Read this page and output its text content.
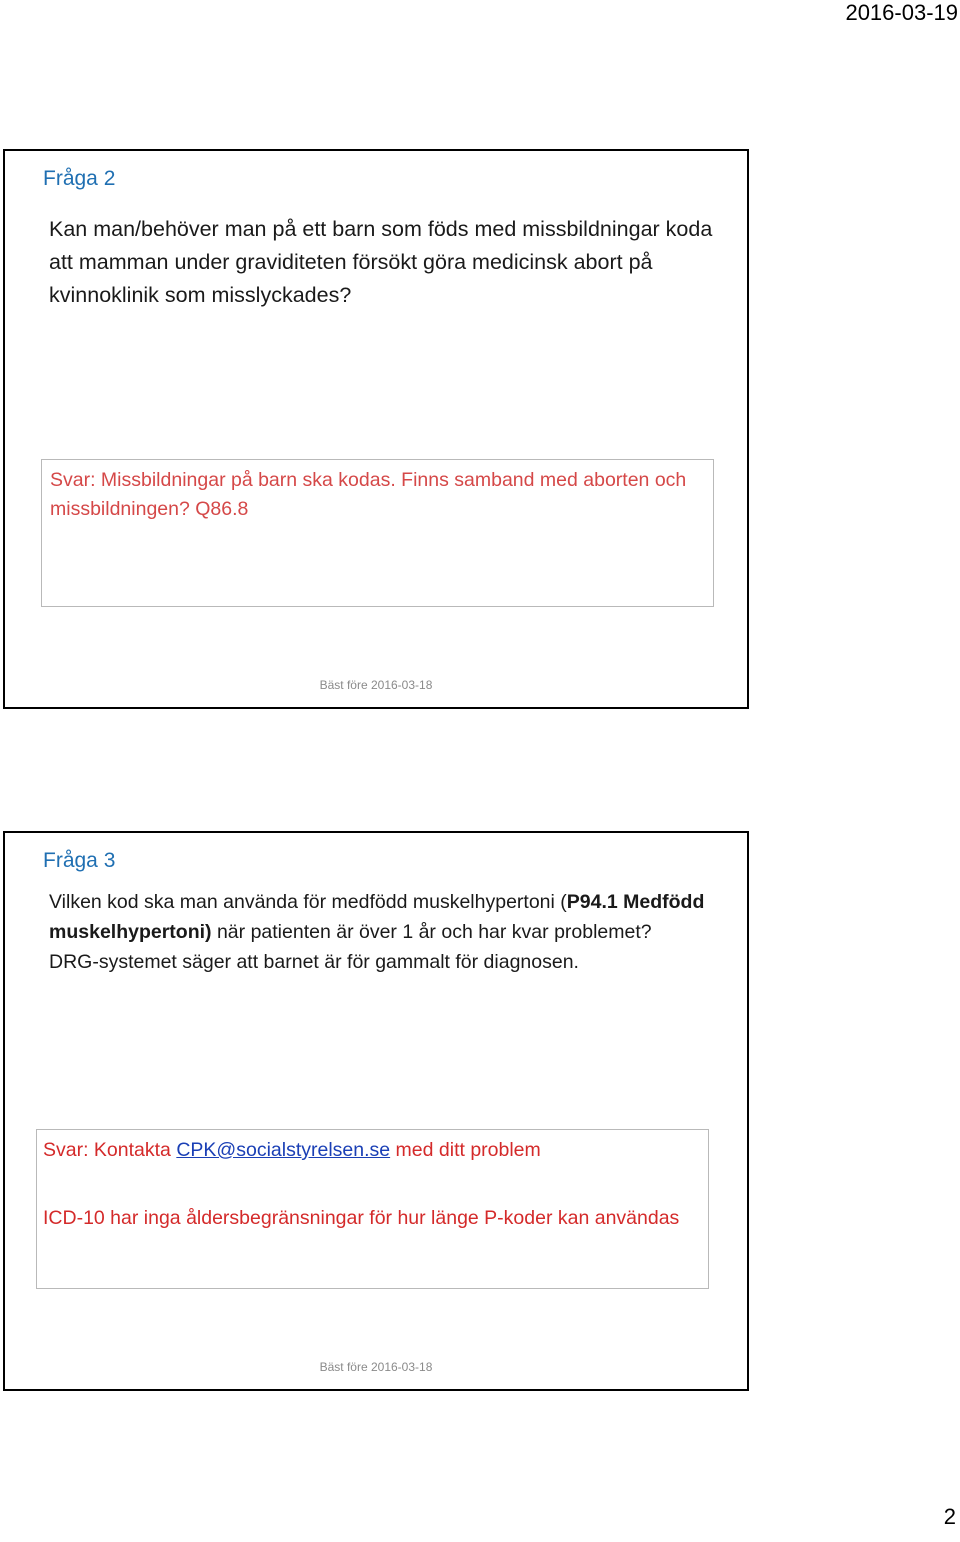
2016-03-19
Fråga 2
Kan man/behöver man på ett barn som föds med missbildningar koda att mamman under graviditeten försökt göra medicinsk abort på kvinnoklinik som misslyckades?
Svar: Missbildningar på barn ska kodas. Finns samband med aborten och missbildningen? Q86.8
Bäst före 2016-03-18
Fråga 3

Vilken kod ska man använda för medfödd muskelhypertoni (P94.1 Medfödd muskelhypertoni) när patienten är över 1 år och har kvar problemet?

DRG-systemet säger att barnet är för gammalt för diagnosen.

Svar: Kontakta CPK@socialstyrelsen.se med ditt problem
ICD-10 har inga åldersbegränsningar för hur länge P-koder kan användas
Bäst före 2016-03-18
2
